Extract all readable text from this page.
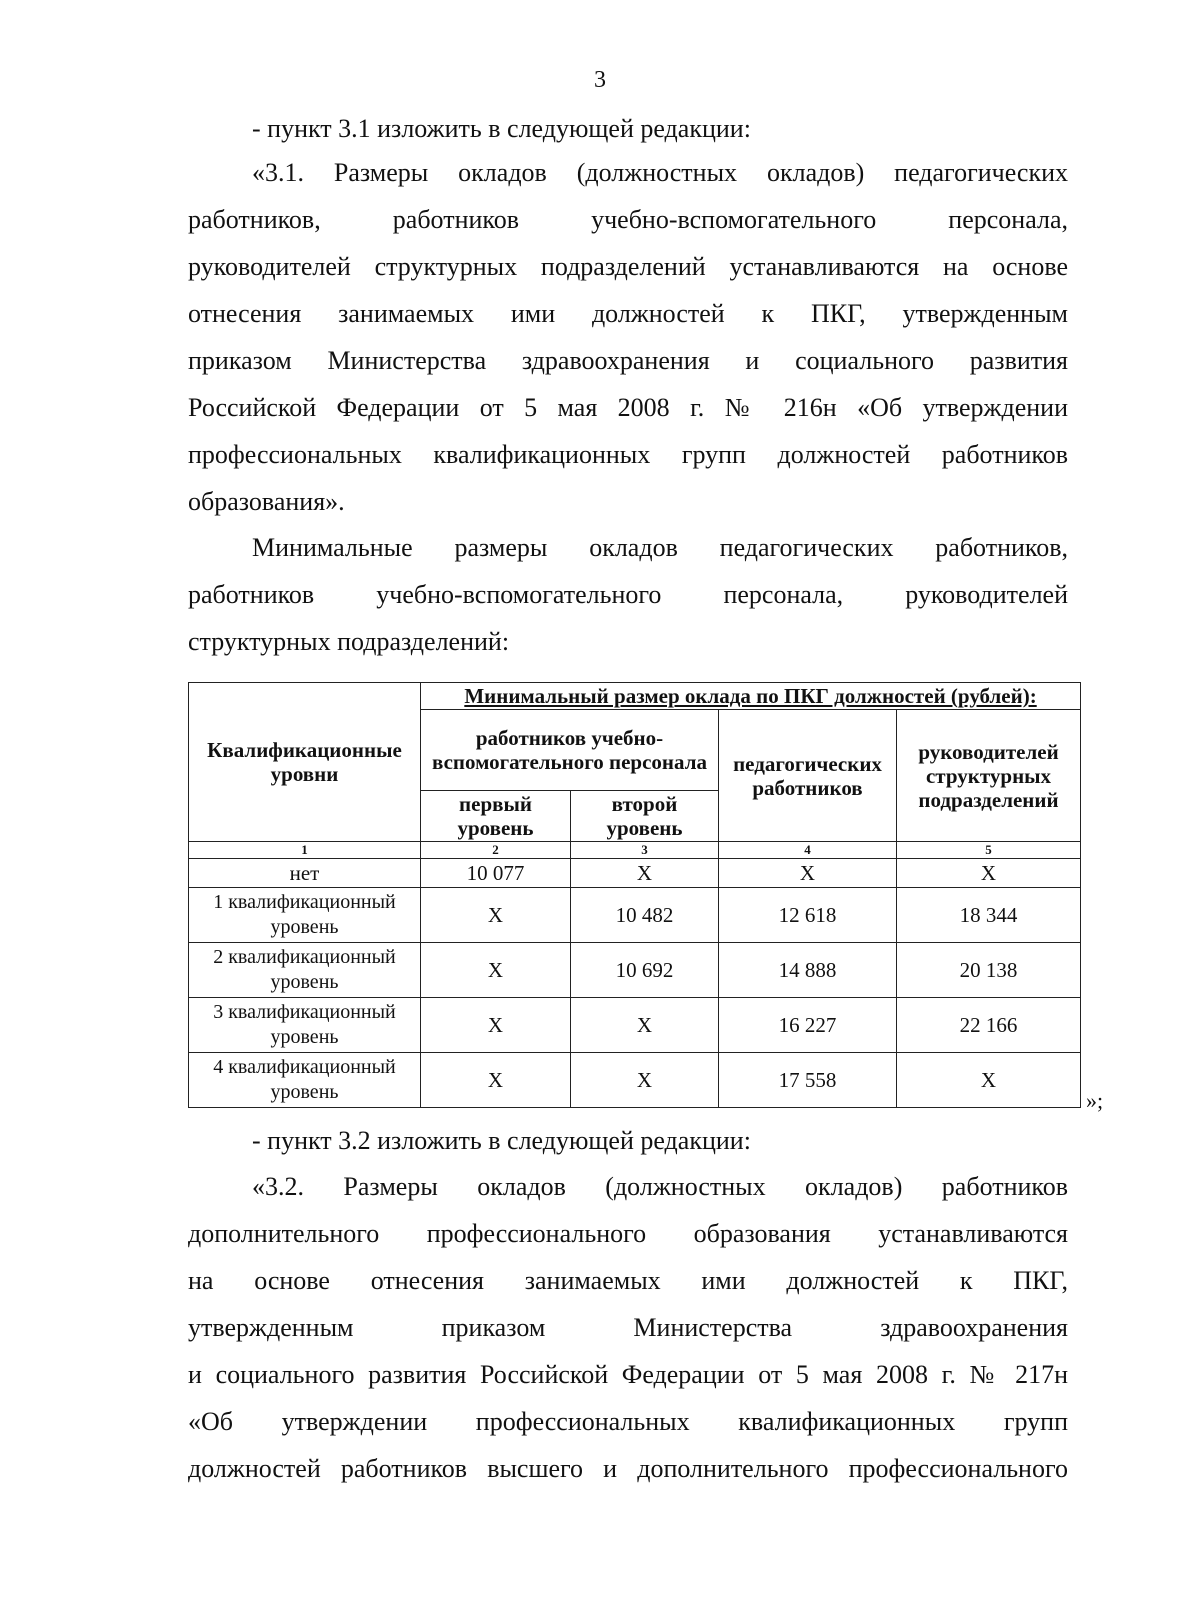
3
- пункт 3.1 изложить в следующей редакции:
«3.1. Размеры окладов (должностных окладов) педагогических
работников, работников учебно-вспомогательного персонала,
руководителей структурных подразделений устанавливаются на основе
отнесения занимаемых ими должностей к ПКГ, утвержденным
приказом Министерства здравоохранения и социального развития
Российской Федерации от 5 мая 2008 г. № 216н «Об утверждении
профессиональных квалификационных групп должностей работников
образования».
Минимальные размеры окладов педагогических работников,
работников учебно-вспомогательного персонала, руководителей
структурных подразделений:
Квалификационные уровни	Минимальный размер оклада по ПКГ должностей (рублей):			
	работников учебно-вспомогательного персонала		педагогических работников	руководителей структурных подразделений
	первый уровень	второй уровень		
1	2	3	4	5
нет	10 077	Х	Х	Х
1 квалификационный уровень	Х	10 482	12 618	18 344
2 квалификационный уровень	Х	10 692	14 888	20 138
3 квалификационный уровень	Х	Х	16 227	22 166
4 квалификационный уровень	Х	Х	17 558	Х
»;
- пункт 3.2 изложить в следующей редакции:
«3.2. Размеры окладов (должностных окладов) работников
дополнительного профессионального образования устанавливаются
на основе отнесения занимаемых ими должностей к ПКГ,
утвержденным приказом Министерства здравоохранения
и социального развития Российской Федерации от 5 мая 2008 г. № 217н
«Об утверждении профессиональных квалификационных групп
должностей работников высшего и дополнительного профессионального
